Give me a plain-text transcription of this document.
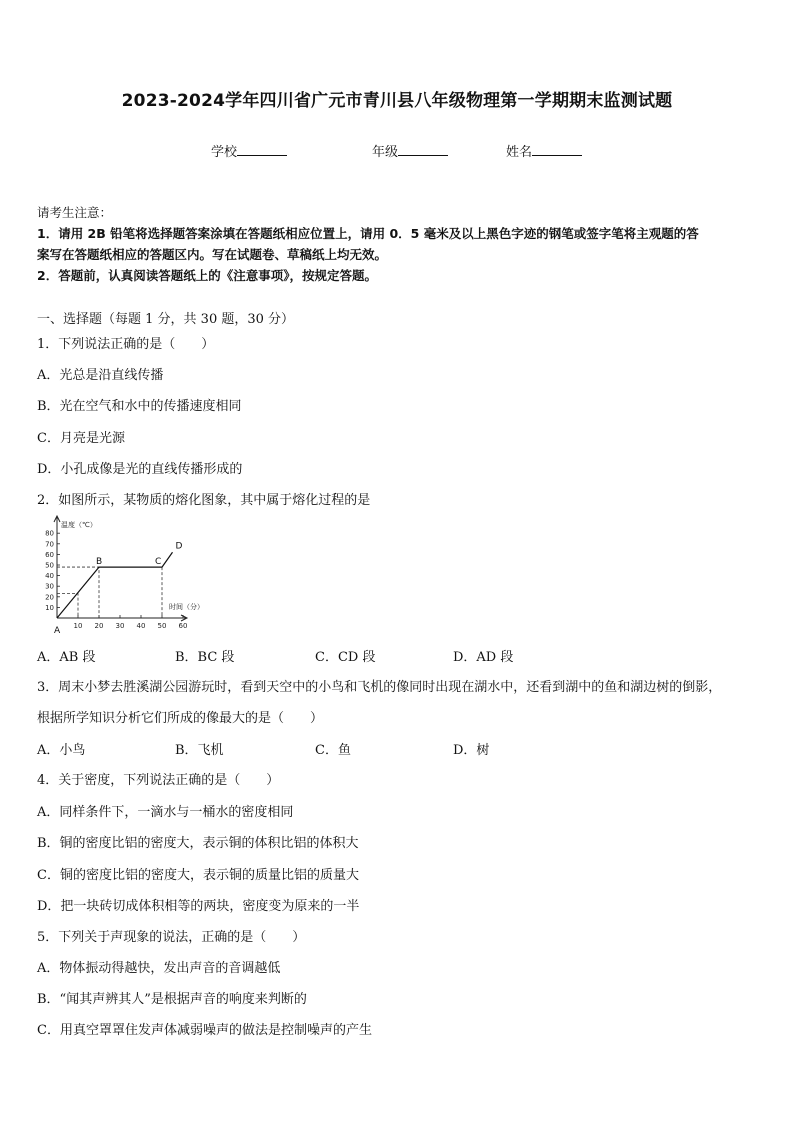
2023-2024学年四川省广元市青川县八年级物理第一学期期末监测试题
学校	年级	姓名
请考生注意：
1．请用 2B 铅笔将选择题答案涂填在答题纸相应位置上，请用 0．5 毫米及以上黑色字迹的钢笔或签字笔将主观题的答
案写在答题纸相应的答题区内。写在试题卷、草稿纸上均无效。
2．答题前，认真阅读答题纸上的《注意事项》，按规定答题。
一、选择题（每题 1 分，共 30 题，30 分）
1．下列说法正确的是（　　）
A．光总是沿直线传播
B．光在空气和水中的传播速度相同
C．月亮是光源
D．小孔成像是光的直线传播形成的
2．如图所示，某物质的熔化图象，其中属于熔化过程的是
10
20
30
40
50
60
70
80
10 20 30 40 50 60
温度（℃）
时间（分）
A
B	C
D
A．AB 段	B．BC 段	C．CD 段	D．AD 段
3．周末小梦去胜溪湖公园游玩时，看到天空中的小鸟和飞机的像同时出现在湖水中，还看到湖中的鱼和湖边树的倒影，
根据所学知识分析它们所成的像最大的是（　　）
A．小鸟	B．飞机	C．鱼	D．树
4．关于密度，下列说法正确的是（　　）
A．同样条件下，一滴水与一桶水的密度相同
B．铜的密度比铝的密度大，表示铜的体积比铝的体积大
C．铜的密度比铝的密度大，表示铜的质量比铝的质量大
D．把一块砖切成体积相等的两块，密度变为原来的一半
5．下列关于声现象的说法，正确的是（　　）
A．物体振动得越快，发出声音的音调越低
B．“闻其声辨其人”是根据声音的响度来判断的
C．用真空罩罩住发声体减弱噪声的做法是控制噪声的产生
